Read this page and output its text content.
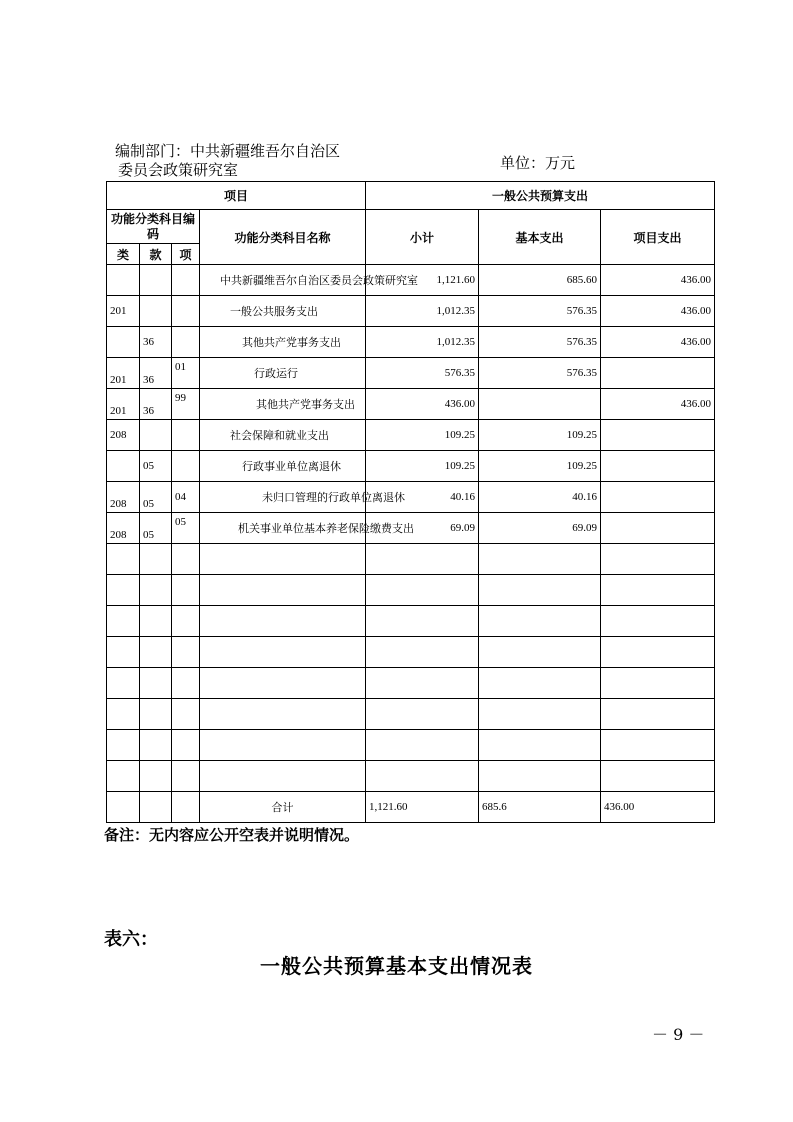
编制部门：中共新疆维吾尔自治区
委员会政策研究室	单位：万元
项目				一般公共预算支出		
功能分类科目编码			功能分类科目名称	小计	基本支出	项目支出
类	款	项				
			中共新疆维吾尔自治区委员会政策研究室	1,121.60	685.60	436.00
201			一般公共服务支出	1,012.35	576.35	436.00
	36		其他共产党事务支出	1,012.35	576.35	436.00
201	36	01	行政运行	576.35	576.35	
201	36	99	其他共产党事务支出	436.00		436.00
208			社会保障和就业支出	109.25	109.25	
	05		行政事业单位离退休	109.25	109.25	
208	05	04	未归口管理的行政单位离退休	40.16	40.16	
208	05	05	机关事业单位基本养老保险缴费支出	69.09	69.09	

			合计	1,121.60	685.6	436.00
备注：无内容应公开空表并说明情况。
表六：
一般公共预算基本支出情况表
－ 9 －
